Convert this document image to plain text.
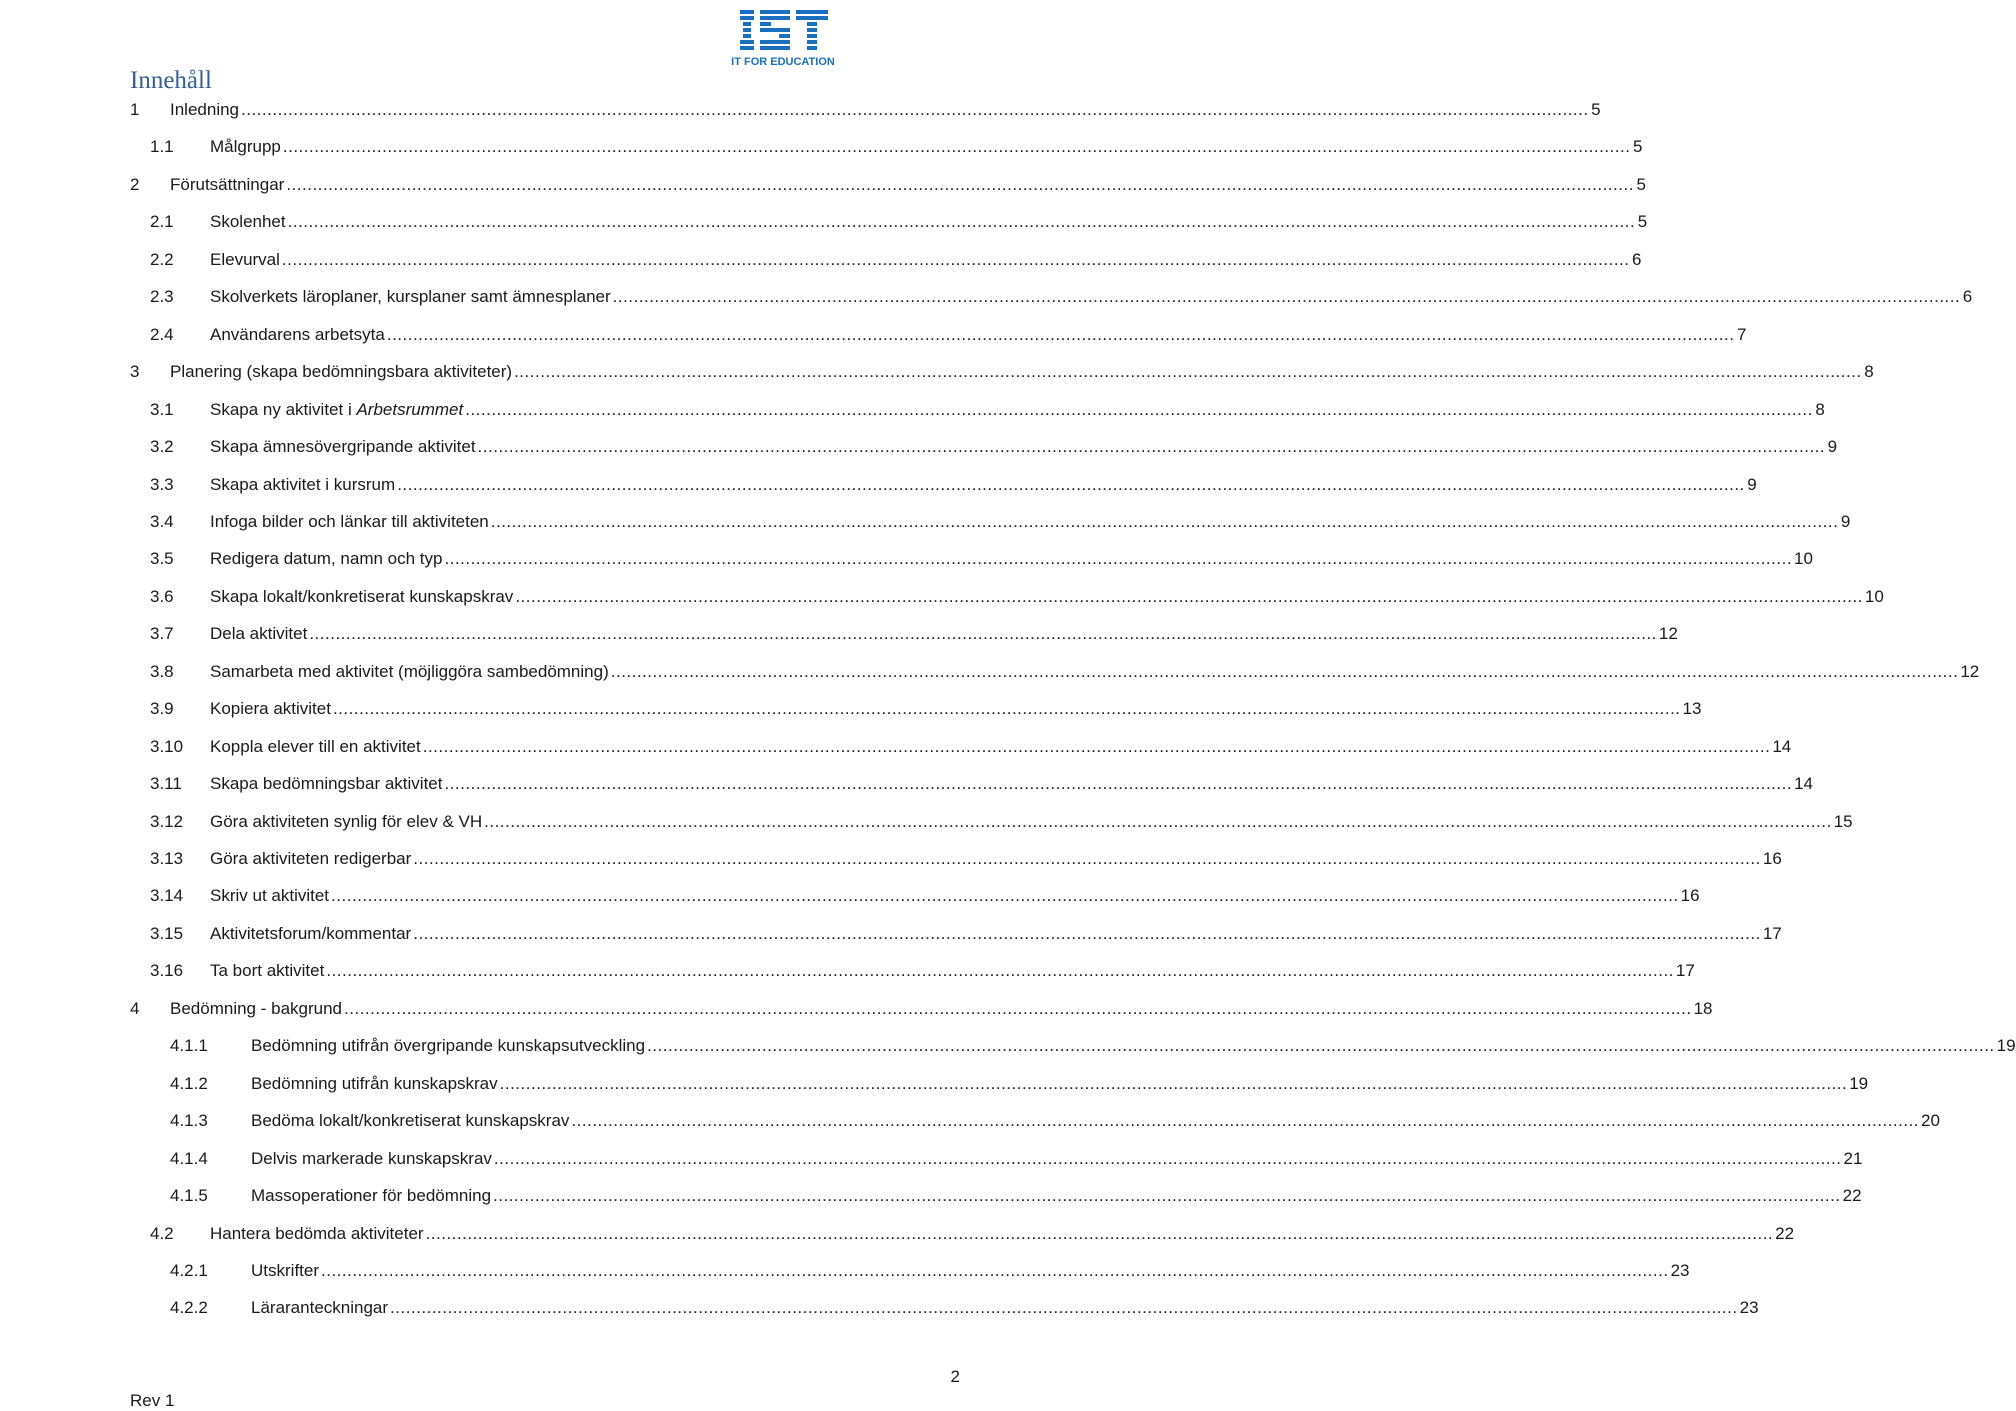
IT FOR EDUCATION
Innehåll
1	Inledning .....	5
1.1	Målgrupp .....	5
2	Förutsättningar .....	5
2.1	Skolenhet .....	5
2.2	Elevurval .....	6
2.3	Skolverkets läroplaner, kursplaner samt ämnesplaner .....	6
2.4	Användarens arbetsyta .....	7
3	Planering (skapa bedömningsbara aktiviteter) .....	8
3.1	Skapa ny aktivitet i Arbetsrummet .....	8
3.2	Skapa ämnesövergripande aktivitet .....	9
3.3	Skapa aktivitet i kursrum .....	9
3.4	Infoga bilder och länkar till aktiviteten .....	9
3.5	Redigera datum, namn och typ .....	10
3.6	Skapa lokalt/konkretiserat kunskapskrav .....	10
3.7	Dela aktivitet .....	12
3.8	Samarbeta med aktivitet (möjliggöra sambedömning) .....	12
3.9	Kopiera aktivitet .....	13
3.10	Koppla elever till en aktivitet .....	14
3.11	Skapa bedömningsbar aktivitet .....	14
3.12	Göra aktiviteten synlig för elev & VH .....	15
3.13	Göra aktiviteten redigerbar .....	16
3.14	Skriv ut aktivitet .....	16
3.15	Aktivitetsforum/kommentar .....	17
3.16	Ta bort aktivitet .....	17
4	Bedömning - bakgrund .....	18
4.1.1	Bedömning utifrån övergripande kunskapsutveckling .....	19
4.1.2	Bedömning utifrån kunskapskrav .....	19
4.1.3	Bedöma lokalt/konkretiserat kunskapskrav .....	20
4.1.4	Delvis markerade kunskapskrav .....	21
4.1.5	Massoperationer för bedömning .....	22
4.2	Hantera bedömda aktiviteter .....	22
4.2.1	Utskrifter .....	23
4.2.2	Läraranteckningar .....	23
Rev 1
2
